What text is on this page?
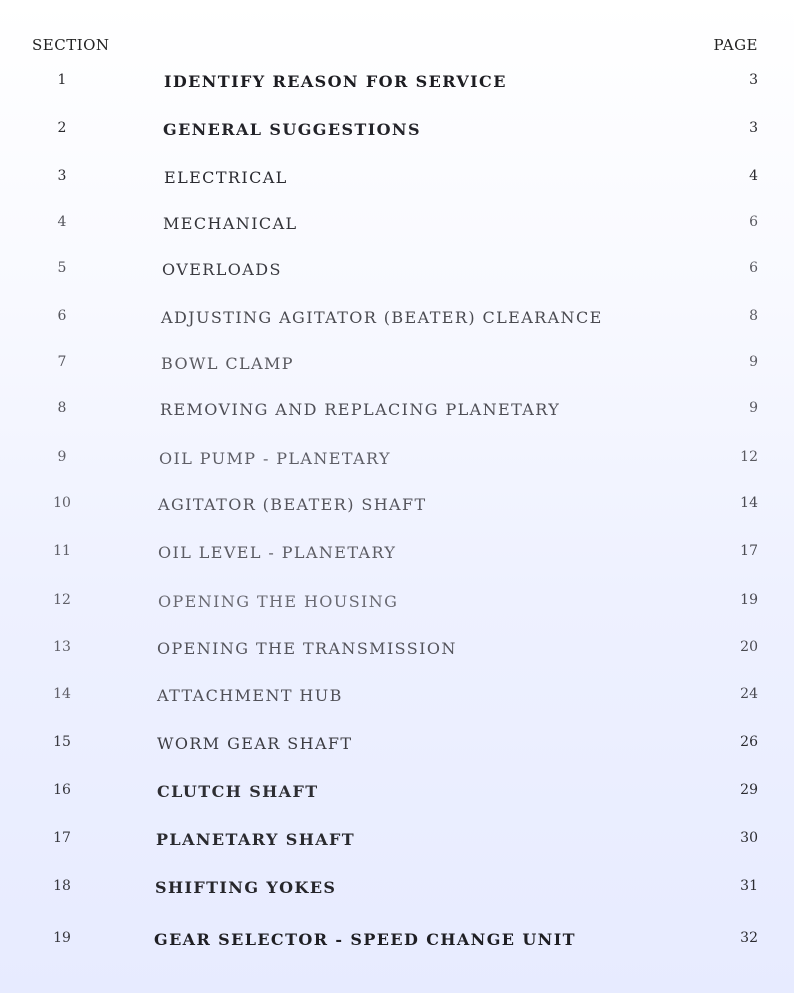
SECTION	PAGE
1	IDENTIFY REASON FOR SERVICE	3
2	GENERAL SUGGESTIONS	3
3	ELECTRICAL	4
4	MECHANICAL	6
5	OVERLOADS	6
6	ADJUSTING AGITATOR (BEATER) CLEARANCE	8
7	BOWL CLAMP	9
8	REMOVING AND REPLACING PLANETARY	9
9	OIL PUMP - PLANETARY	12
10	AGITATOR (BEATER) SHAFT	14
11	OIL LEVEL - PLANETARY	17
12	OPENING THE HOUSING	19
13	OPENING THE TRANSMISSION	20
14	ATTACHMENT HUB	24
15	WORM GEAR SHAFT	26
16	CLUTCH SHAFT	29
17	PLANETARY SHAFT	30
18	SHIFTING YOKES	31
19	GEAR SELECTOR - SPEED CHANGE UNIT	32
